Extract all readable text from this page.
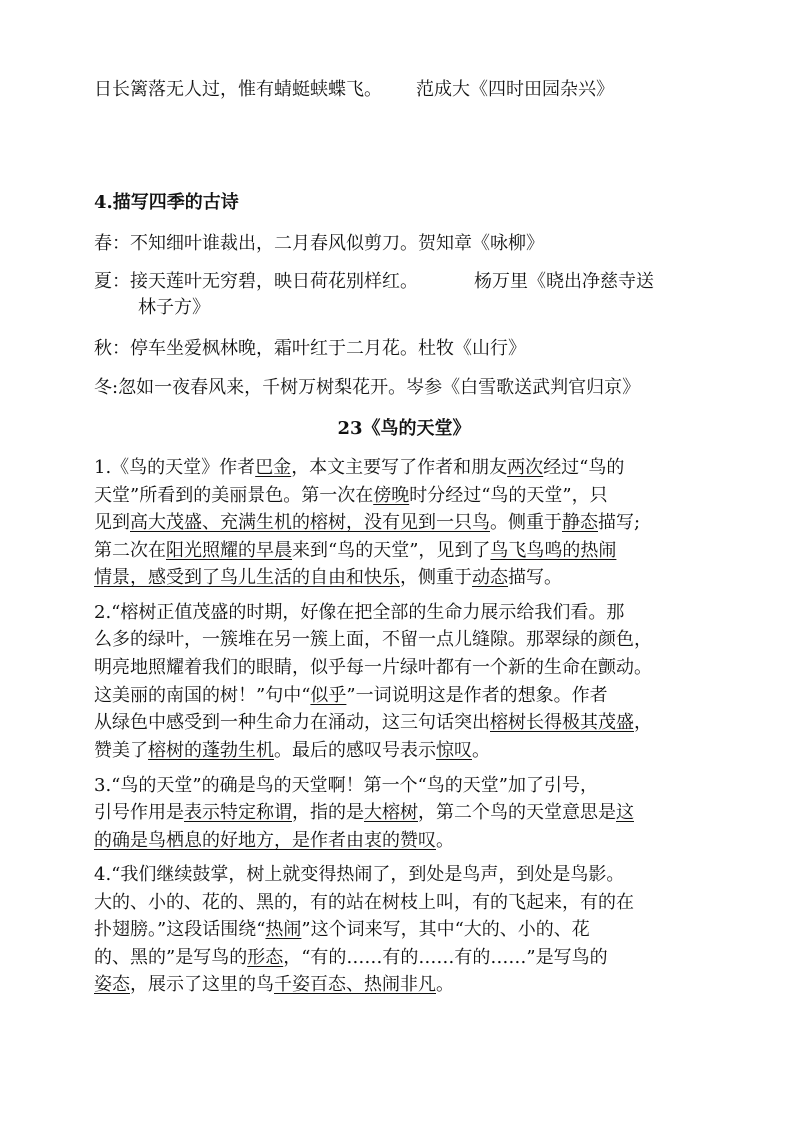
日长篱落无人过，惟有蜻蜓蛱蝶飞。 范成大《四时田园杂兴》
4.描写四季的古诗
春：不知细叶谁裁出，二月春风似剪刀。贺知章《咏柳》
夏：接天莲叶无穷碧，映日荷花别样红。	杨万里《晓出净慈寺送
林子方》
秋：停车坐爱枫林晚，霜叶红于二月花。杜牧《山行》
冬:忽如一夜春风来，千树万树梨花开。岑参《白雪歌送武判官归京》
23《鸟的天堂》
1.《鸟的天堂》作者巴金，本文主要写了作者和朋友两次经过“鸟的
天堂”所看到的美丽景色。第一次在傍晚时分经过“鸟的天堂”，只
见到高大茂盛、充满生机的榕树，没有见到一只鸟。侧重于静态描写;
第二次在阳光照耀的早晨来到“鸟的天堂”，见到了鸟飞鸟鸣的热闹
情景，感受到了鸟儿生活的自由和快乐，侧重于动态描写。
2.“榕树正值茂盛的时期，好像在把全部的生命力展示给我们看。那
么多的绿叶，一簇堆在另一簇上面，不留一点儿缝隙。那翠绿的颜色，
明亮地照耀着我们的眼睛，似乎每一片绿叶都有一个新的生命在颤动。
这美丽的南国的树！”句中“似乎”一词说明这是作者的想象。作者
从绿色中感受到一种生命力在涌动，这三句话突出榕树长得极其茂盛，
赞美了榕树的蓬勃生机。最后的感叹号表示惊叹。
3.“鸟的天堂”的确是鸟的天堂啊！第一个“鸟的天堂”加了引号，
引号作用是表示特定称谓，指的是大榕树，第二个鸟的天堂意思是这
的确是鸟栖息的好地方，是作者由衷的赞叹。
4.“我们继续鼓掌，树上就变得热闹了，到处是鸟声，到处是鸟影。
大的、小的、花的、黑的，有的站在树枝上叫，有的飞起来，有的在
扑翅膀。”这段话围绕“热闹”这个词来写，其中“大的、小的、花
的、黑的”是写鸟的形态，“有的……有的……有的……”是写鸟的
姿态，展示了这里的鸟千姿百态、热闹非凡。
